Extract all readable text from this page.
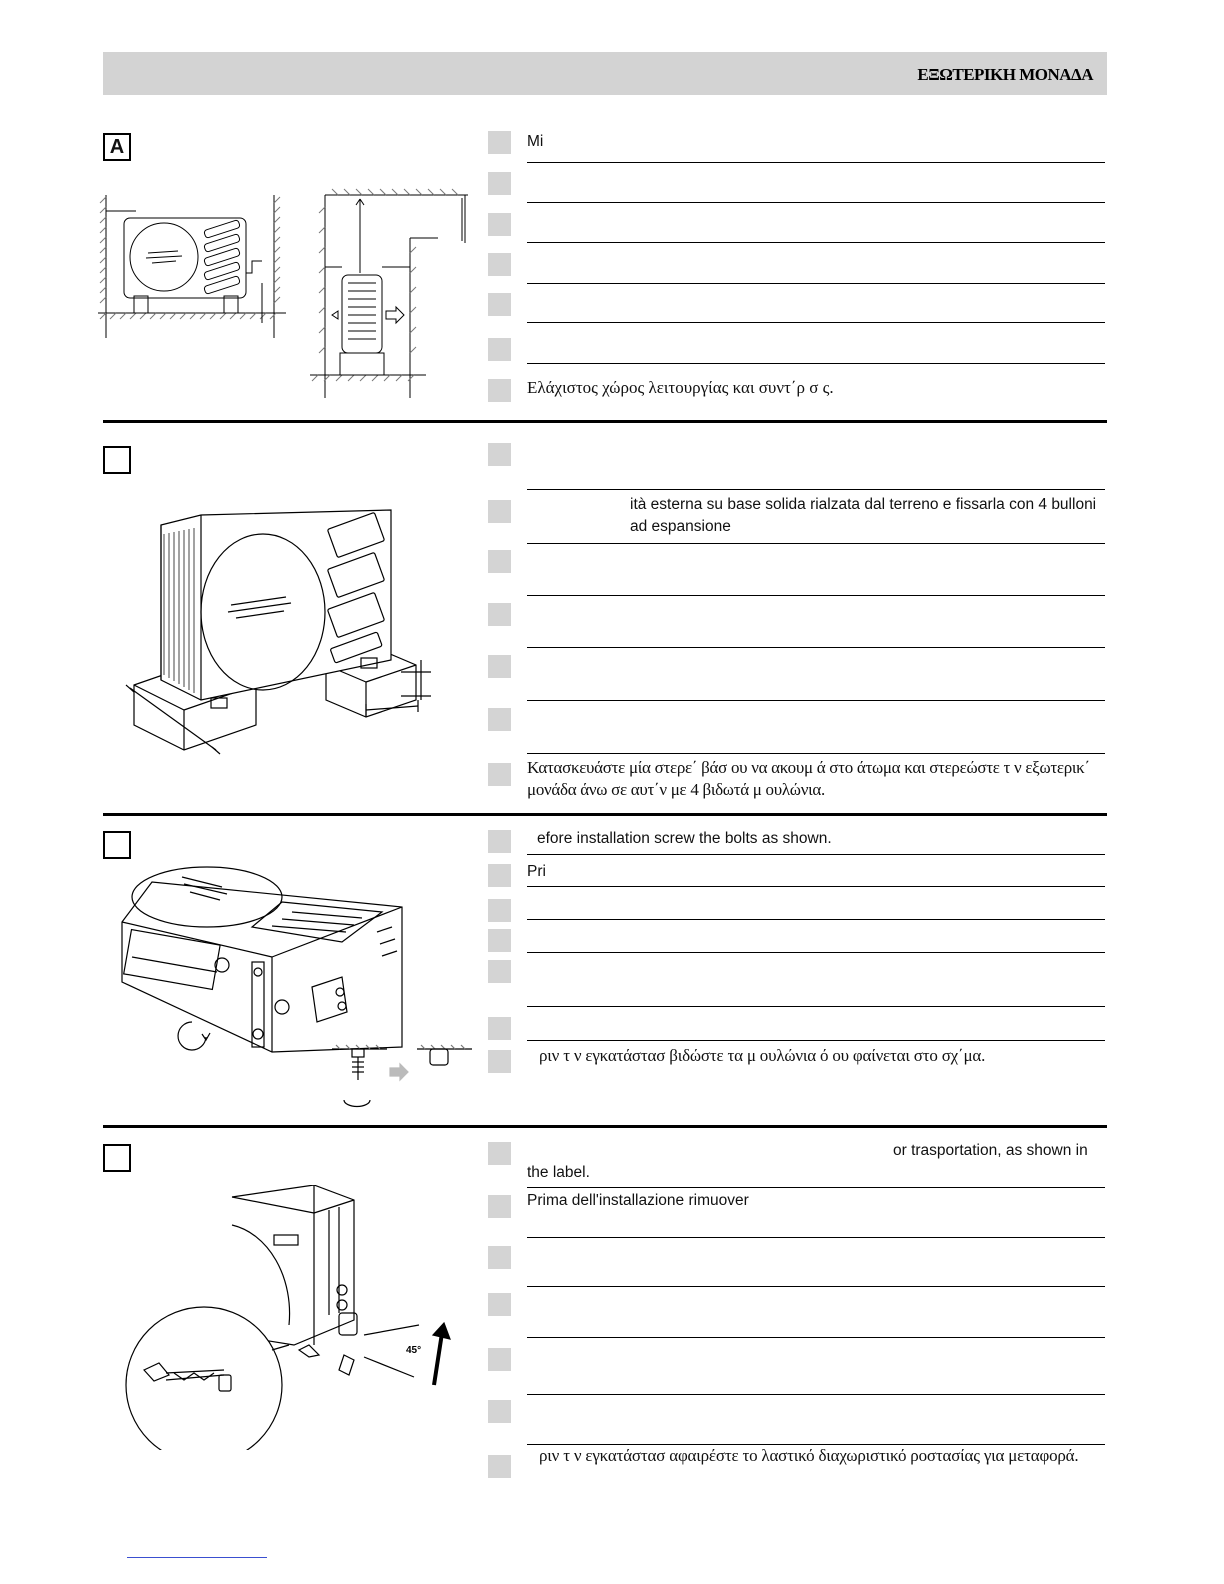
ΕΞΩΤΕΡΙΚΗ ΜΟΝΑΔΑ
A	Mi
Ελάχιστος χώρος λειτουργίας και συντ΄ρ σ ς.
ità esterna su base solida rialzata dal terreno e fissarla con 4 bulloni ad espansione
Κατασκευάστε μία στερε΄ βάσ ου να ακουμ ά στο άτωμα και στερεώστε τ ν εξωτερικ΄ μονάδα άνω σε αυτ΄ν με 4 βιδωτά μ ουλώνια.
efore installation screw the bolts as shown.
Pri
ριν τ ν εγκατάστασ βιδώστε τα μ ουλώνια ό ου φαίνεται στο σχ΄μα.
45°
or trasportation, as shown in the label.
Prima dell'installazione rimuover
ριν τ ν εγκατάστασ αφαιρέστε το λαστικό διαχωριστικό ροστασίας για μεταφορά.
